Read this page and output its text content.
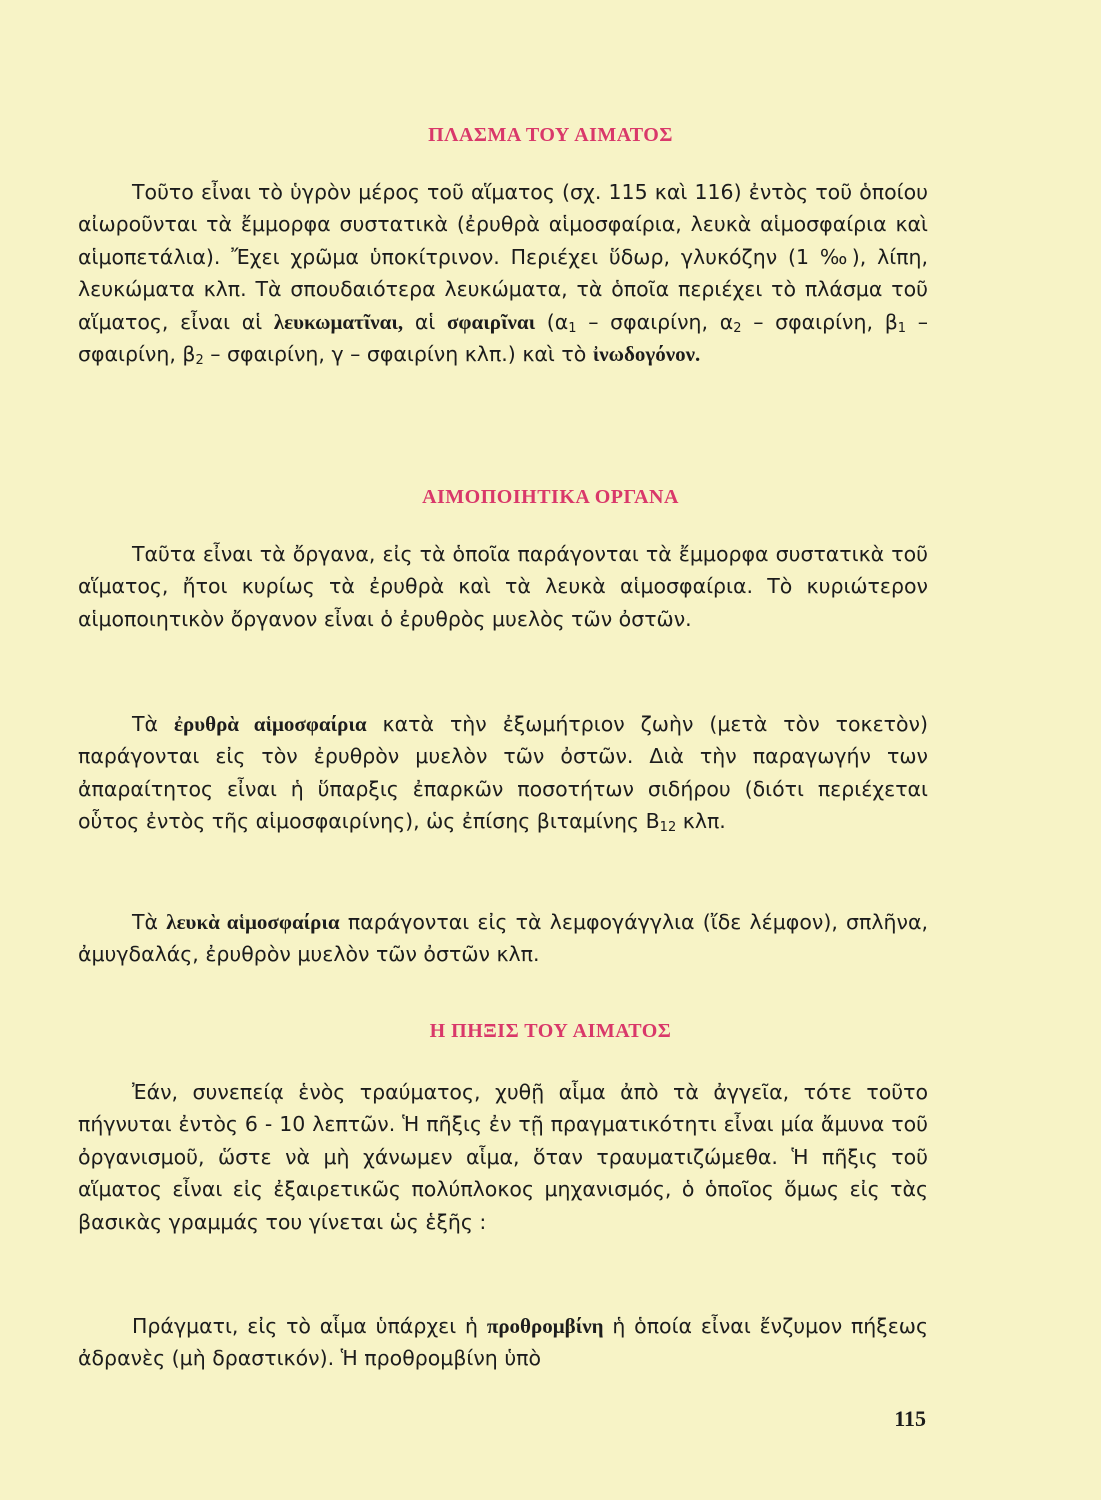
ΠΛΑΣΜΑ ΤΟΥ ΑΙΜΑΤΟΣ

Τοῦτο εἶναι τὸ ὑγρὸν μέρος τοῦ αἵματος (σχ. 115 καὶ 116) ἐντὸς τοῦ ὁποίου αἰωροῦνται τὰ ἔμμορφα συστατικὰ (ἐρυθρὰ αἱμοσφαίρια, λευκὰ αἱμοσφαίρια καὶ αἱμοπετάλια). Ἔχει χρῶμα ὑποκίτρινον. Περιέχει ὕδωρ, γλυκόζην (1 ‰), λίπη, λευκώματα κλπ. Τὰ σπουδαιότερα λευκώματα, τὰ ὁποῖα περιέχει τὸ πλάσμα τοῦ αἵματος, εἶναι αἱ λευκωματῖναι, αἱ σφαιρῖναι ($\alpha_1$ – σφαιρίνη, $\alpha_2$ – σφαιρίνη, $\beta_1$ – σφαιρίνη, $\beta_2$ – σφαιρίνη, γ – σφαιρίνη κλπ.) καὶ τὸ ἰνωδογόνον.

ΑΙΜΟΠΟΙΗΤΙΚΑ ΟΡΓΑΝΑ

Ταῦτα εἶναι τὰ ὄργανα, εἰς τὰ ὁποῖα παράγονται τὰ ἔμμορφα συστατικὰ τοῦ αἵματος, ἤτοι κυρίως τὰ ἐρυθρὰ καὶ τὰ λευκὰ αἱμοσφαίρια. Τὸ κυριώτερον αἱμοποιητικὸν ὄργανον εἶναι ὁ ἐρυθρὸς μυελὸς τῶν ὀστῶν.

Τὰ ἐρυθρὰ αἱμοσφαίρια κατὰ τὴν ἐξωμήτριον ζωὴν (μετὰ τὸν τοκετὸν) παράγονται εἰς τὸν ἐρυθρὸν μυελὸν τῶν ὀστῶν. Διὰ τὴν παραγωγήν των ἀπαραίτητος εἶναι ἡ ὕπαρξις ἐπαρκῶν ποσοτήτων σιδήρου (διότι περιέχεται οὗτος ἐντὸς τῆς αἱμοσφαιρίνης), ὡς ἐπίσης βιταμίνης $B_{12}$ κλπ.

Τὰ λευκὰ αἱμοσφαίρια παράγονται εἰς τὰ λεμφογάγγλια (ἴδε λέμφον), σπλῆνα, ἀμυγδαλάς, ἐρυθρὸν μυελὸν τῶν ὀστῶν κλπ.

Η ΠΗΞΙΣ ΤΟΥ ΑΙΜΑΤΟΣ

Ἐάν, συνεπείᾳ ἑνὸς τραύματος, χυθῇ αἷμα ἀπὸ τὰ ἀγγεῖα, τότε τοῦτο πήγνυται ἐντὸς 6 - 10 λεπτῶν. Ἡ πῆξις ἐν τῇ πραγματικότητι εἶναι μία ἄμυνα τοῦ ὀργανισμοῦ, ὥστε νὰ μὴ χάνωμεν αἷμα, ὅταν τραυματιζώμεθα. Ἡ πῆξις τοῦ αἵματος εἶναι εἰς ἐξαιρετικῶς πολύπλοκος μηχανισμός, ὁ ὁποῖος ὅμως εἰς τὰς βασικὰς γραμμάς του γίνεται ὡς ἑξῆς :

Πράγματι, εἰς τὸ αἷμα ὑπάρχει ἡ προθρομβίνη ἡ ὁποία εἶναι ἔνζυμον πήξεως ἀδρανὲς (μὴ δραστικόν). Ἡ προθρομβίνη ὑπὸ

115
